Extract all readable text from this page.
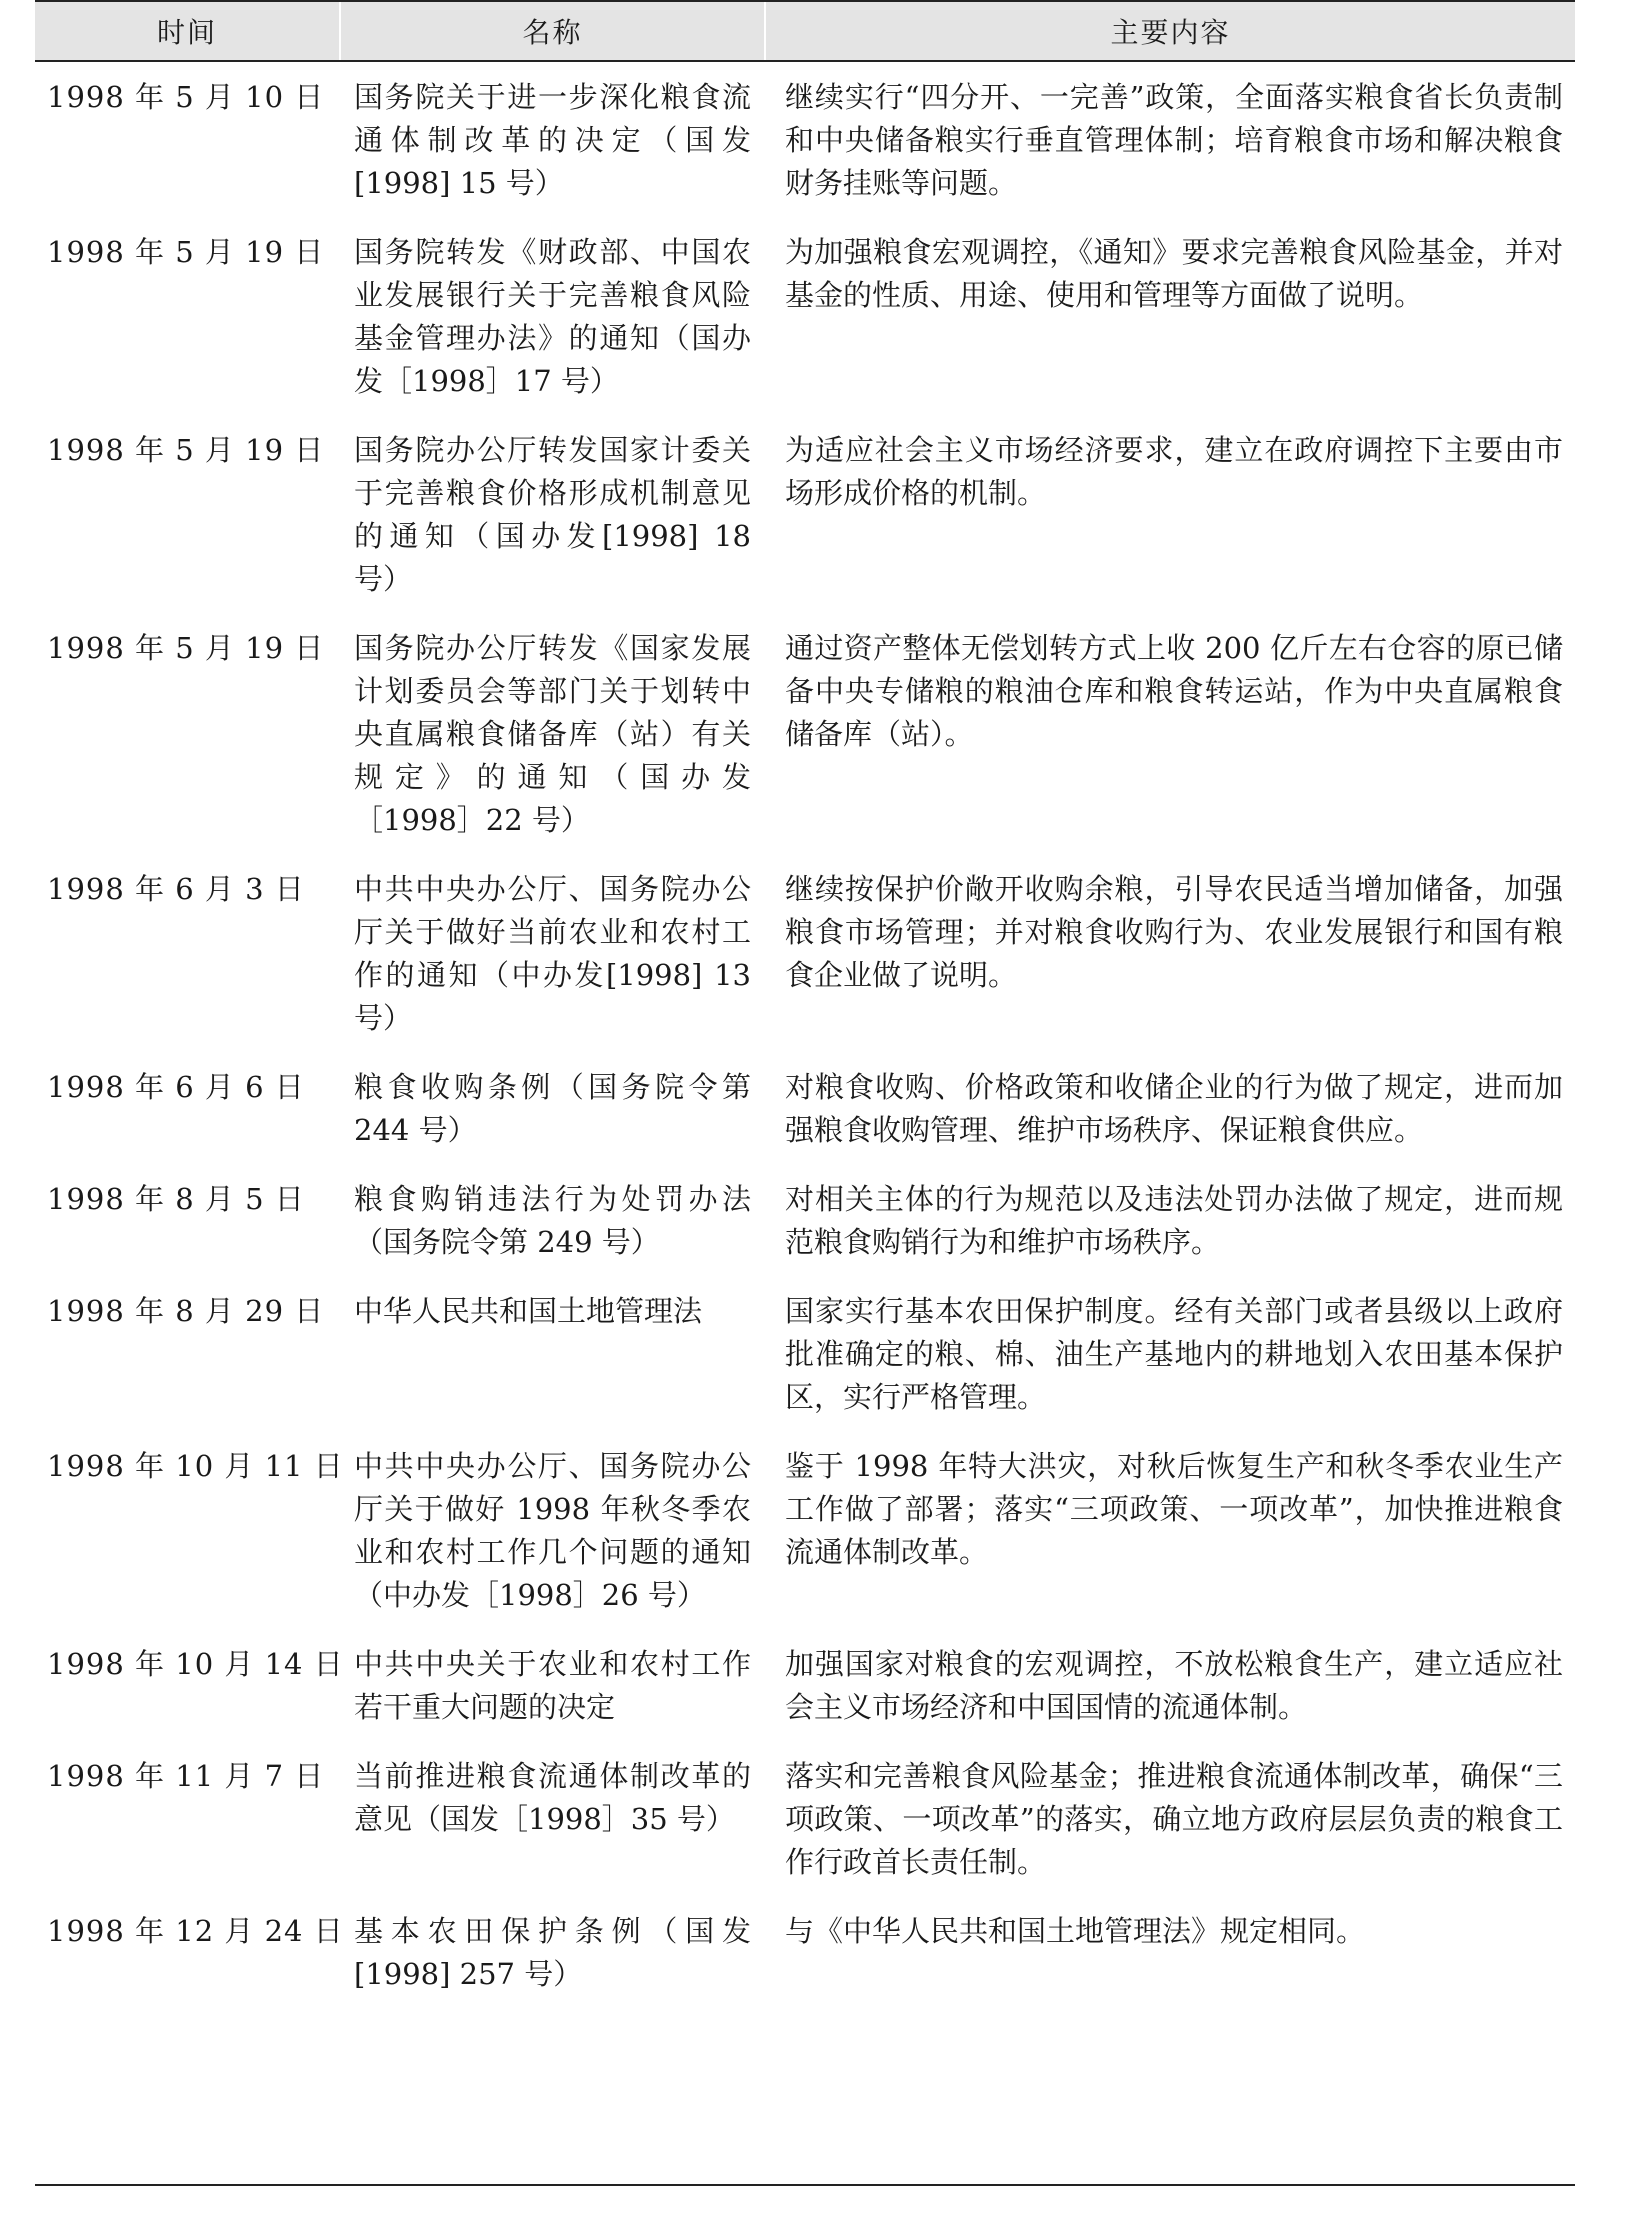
时间	名称	主要内容
1998 年 5 月 10 日	国务院关于进一步深化粮食流通体制改革的决定（国发[1998] 15 号）	继续实行“四分开、一完善”政策，全面落实粮食省长负责制和中央储备粮实行垂直管理体制；培育粮食市场和解决粮食财务挂账等问题。
1998 年 5 月 19 日	国务院转发《财政部、中国农业发展银行关于完善粮食风险基金管理办法》的通知（国办发［1998］17 号）	为加强粮食宏观调控，《通知》要求完善粮食风险基金，并对基金的性质、用途、使用和管理等方面做了说明。
1998 年 5 月 19 日	国务院办公厅转发国家计委关于完善粮食价格形成机制意见的通知（国办发[1998] 18 号）	为适应社会主义市场经济要求，建立在政府调控下主要由市场形成价格的机制。
1998 年 5 月 19 日	国务院办公厅转发《国家发展计划委员会等部门关于划转中央直属粮食储备库（站）有关规定》的通知（国办发［1998］22 号）	通过资产整体无偿划转方式上收 200 亿斤左右仓容的原已储备中央专储粮的粮油仓库和粮食转运站，作为中央直属粮食储备库（站）。
1998 年 6 月 3 日	中共中央办公厅、国务院办公厅关于做好当前农业和农村工作的通知（中办发[1998] 13 号）	继续按保护价敞开收购余粮，引导农民适当增加储备，加强粮食市场管理；并对粮食收购行为、农业发展银行和国有粮食企业做了说明。
1998 年 6 月 6 日	粮食收购条例（国务院令第 244 号）	对粮食收购、价格政策和收储企业的行为做了规定，进而加强粮食收购管理、维护市场秩序、保证粮食供应。
1998 年 8 月 5 日	粮食购销违法行为处罚办法（国务院令第 249 号）	对相关主体的行为规范以及违法处罚办法做了规定，进而规范粮食购销行为和维护市场秩序。
1998 年 8 月 29 日	中华人民共和国土地管理法	国家实行基本农田保护制度。经有关部门或者县级以上政府批准确定的粮、棉、油生产基地内的耕地划入农田基本保护区，实行严格管理。
1998 年 10 月 11 日	中共中央办公厅、国务院办公厅关于做好 1998 年秋冬季农业和农村工作几个问题的通知（中办发［1998］26 号）	鉴于 1998 年特大洪灾，对秋后恢复生产和秋冬季农业生产工作做了部署；落实“三项政策、一项改革”，加快推进粮食流通体制改革。
1998 年 10 月 14 日	中共中央关于农业和农村工作若干重大问题的决定	加强国家对粮食的宏观调控，不放松粮食生产，建立适应社会主义市场经济和中国国情的流通体制。
1998 年 11 月 7 日	当前推进粮食流通体制改革的意见（国发［1998］35 号）	落实和完善粮食风险基金；推进粮食流通体制改革，确保“三项政策、一项改革”的落实，确立地方政府层层负责的粮食工作行政首长责任制。
1998 年 12 月 24 日	基本农田保护条例（国发[1998] 257 号）	与《中华人民共和国土地管理法》规定相同。
